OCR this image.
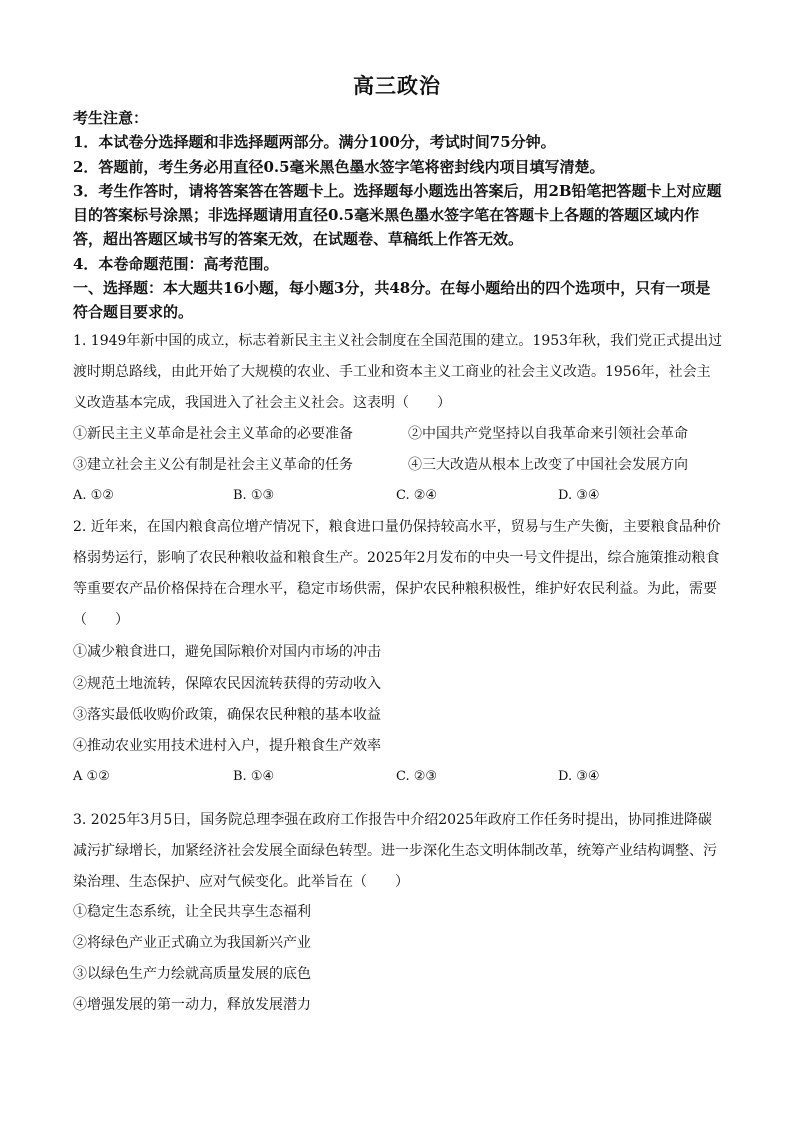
高三政治
考生注意：
1．本试卷分选择题和非选择题两部分。满分100分，考试时间75分钟。
2．答题前，考生务必用直径0.5毫米黑色墨水签字笔将密封线内项目填写清楚。
3．考生作答时，请将答案答在答题卡上。选择题每小题选出答案后，用2B铅笔把答题卡上对应题目的答案标号涂黑；非选择题请用直径0.5毫米黑色墨水签字笔在答题卡上各题的答题区域内作答，超出答题区域书写的答案无效，在试题卷、草稿纸上作答无效。
4．本卷命题范围：高考范围。
一、选择题：本大题共16小题，每小题3分，共48分。在每小题给出的四个选项中，只有一项是符合题目要求的。
1. 1949年新中国的成立，标志着新民主主义社会制度在全国范围的建立。1953年秋，我们党正式提出过渡时期总路线，由此开始了大规模的农业、手工业和资本主义工商业的社会主义改造。1956年，社会主义改造基本完成，我国进入了社会主义社会。这表明（　　）
①新民主主义革命是社会主义革命的必要准备	②中国共产党坚持以自我革命来引领社会革命
③建立社会主义公有制是社会主义革命的任务	④三大改造从根本上改变了中国社会发展方向
A. ①②	B. ①③	C. ②④	D. ③④
2. 近年来，在国内粮食高位增产情况下，粮食进口量仍保持较高水平，贸易与生产失衡，主要粮食品种价格弱势运行，影响了农民种粮收益和粮食生产。2025年2月发布的中央一号文件提出，综合施策推动粮食等重要农产品价格保持在合理水平，稳定市场供需，保护农民种粮积极性，维护好农民利益。为此，需要（　　）
①减少粮食进口，避免国际粮价对国内市场的冲击
②规范土地流转，保障农民因流转获得的劳动收入
③落实最低收购价政策，确保农民种粮的基本收益
④推动农业实用技术进村入户，提升粮食生产效率
A ①②	B. ①④	C. ②③	D. ③④
3. 2025年3月5日，国务院总理李强在政府工作报告中介绍2025年政府工作任务时提出，协同推进降碳减污扩绿增长，加紧经济社会发展全面绿色转型。进一步深化生态文明体制改革，统筹产业结构调整、污染治理、生态保护、应对气候变化。此举旨在（　　）
①稳定生态系统，让全民共享生态福利
②将绿色产业正式确立为我国新兴产业
③以绿色生产力绘就高质量发展的底色
④增强发展的第一动力，释放发展潜力
